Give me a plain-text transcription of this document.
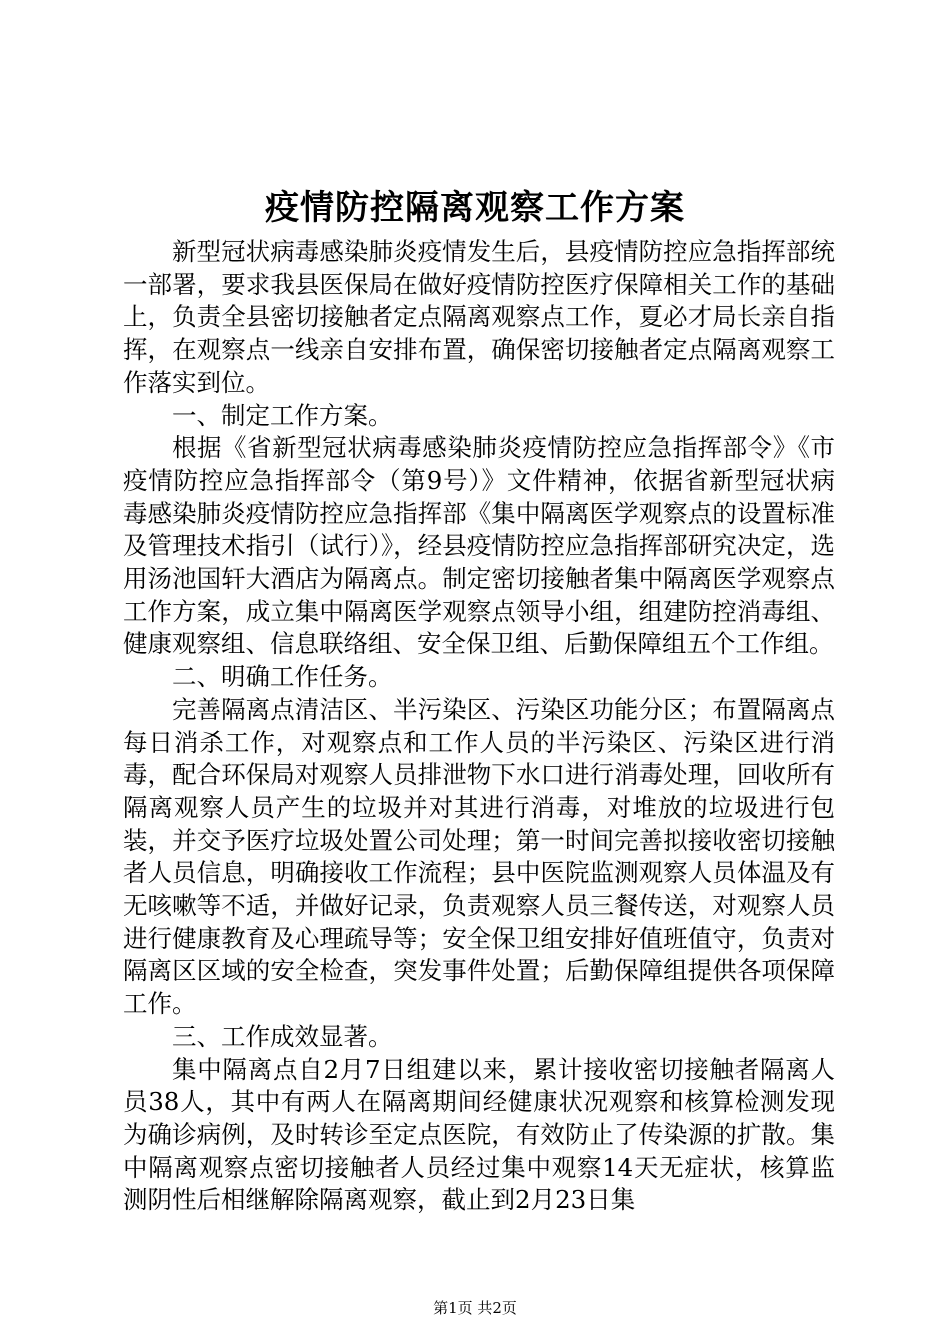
疫情防控隔离观察工作方案

新型冠状病毒感染肺炎疫情发生后，县疫情防控应急指挥部统一部署，要求我县医保局在做好疫情防控医疗保障相关工作的基础上，负责全县密切接触者定点隔离观察点工作，夏必才局长亲自指挥，在观察点一线亲自安排布置，确保密切接触者定点隔离观察工作落实到位。

一、制定工作方案。

根据《省新型冠状病毒感染肺炎疫情防控应急指挥部令》《市疫情防控应急指挥部令（第9号）》文件精神，依据省新型冠状病毒感染肺炎疫情防控应急指挥部《集中隔离医学观察点的设置标准及管理技术指引（试行）》，经县疫情防控应急指挥部研究决定，选用汤池国轩大酒店为隔离点。制定密切接触者集中隔离医学观察点工作方案，成立集中隔离医学观察点领导小组，组建防控消毒组、健康观察组、信息联络组、安全保卫组、后勤保障组五个工作组。

二、明确工作任务。

完善隔离点清洁区、半污染区、污染区功能分区；布置隔离点每日消杀工作，对观察点和工作人员的半污染区、污染区进行消毒，配合环保局对观察人员排泄物下水口进行消毒处理，回收所有隔离观察人员产生的垃圾并对其进行消毒，对堆放的垃圾进行包装，并交予医疗垃圾处置公司处理；第一时间完善拟接收密切接触者人员信息，明确接收工作流程；县中医院监测观察人员体温及有无咳嗽等不适，并做好记录，负责观察人员三餐传送，对观察人员进行健康教育及心理疏导等；安全保卫组安排好值班值守，负责对隔离区区域的安全检查，突发事件处置；后勤保障组提供各项保障工作。

三、工作成效显著。

集中隔离点自2月7日组建以来，累计接收密切接触者隔离人员38人，其中有两人在隔离期间经健康状况观察和核算检测发现为确诊病例，及时转诊至定点医院，有效防止了传染源的扩散。集中隔离观察点密切接触者人员经过集中观察14天无症状，核算监测阴性后相继解除隔离观察，截止到2月23日集

第1页 共2页
